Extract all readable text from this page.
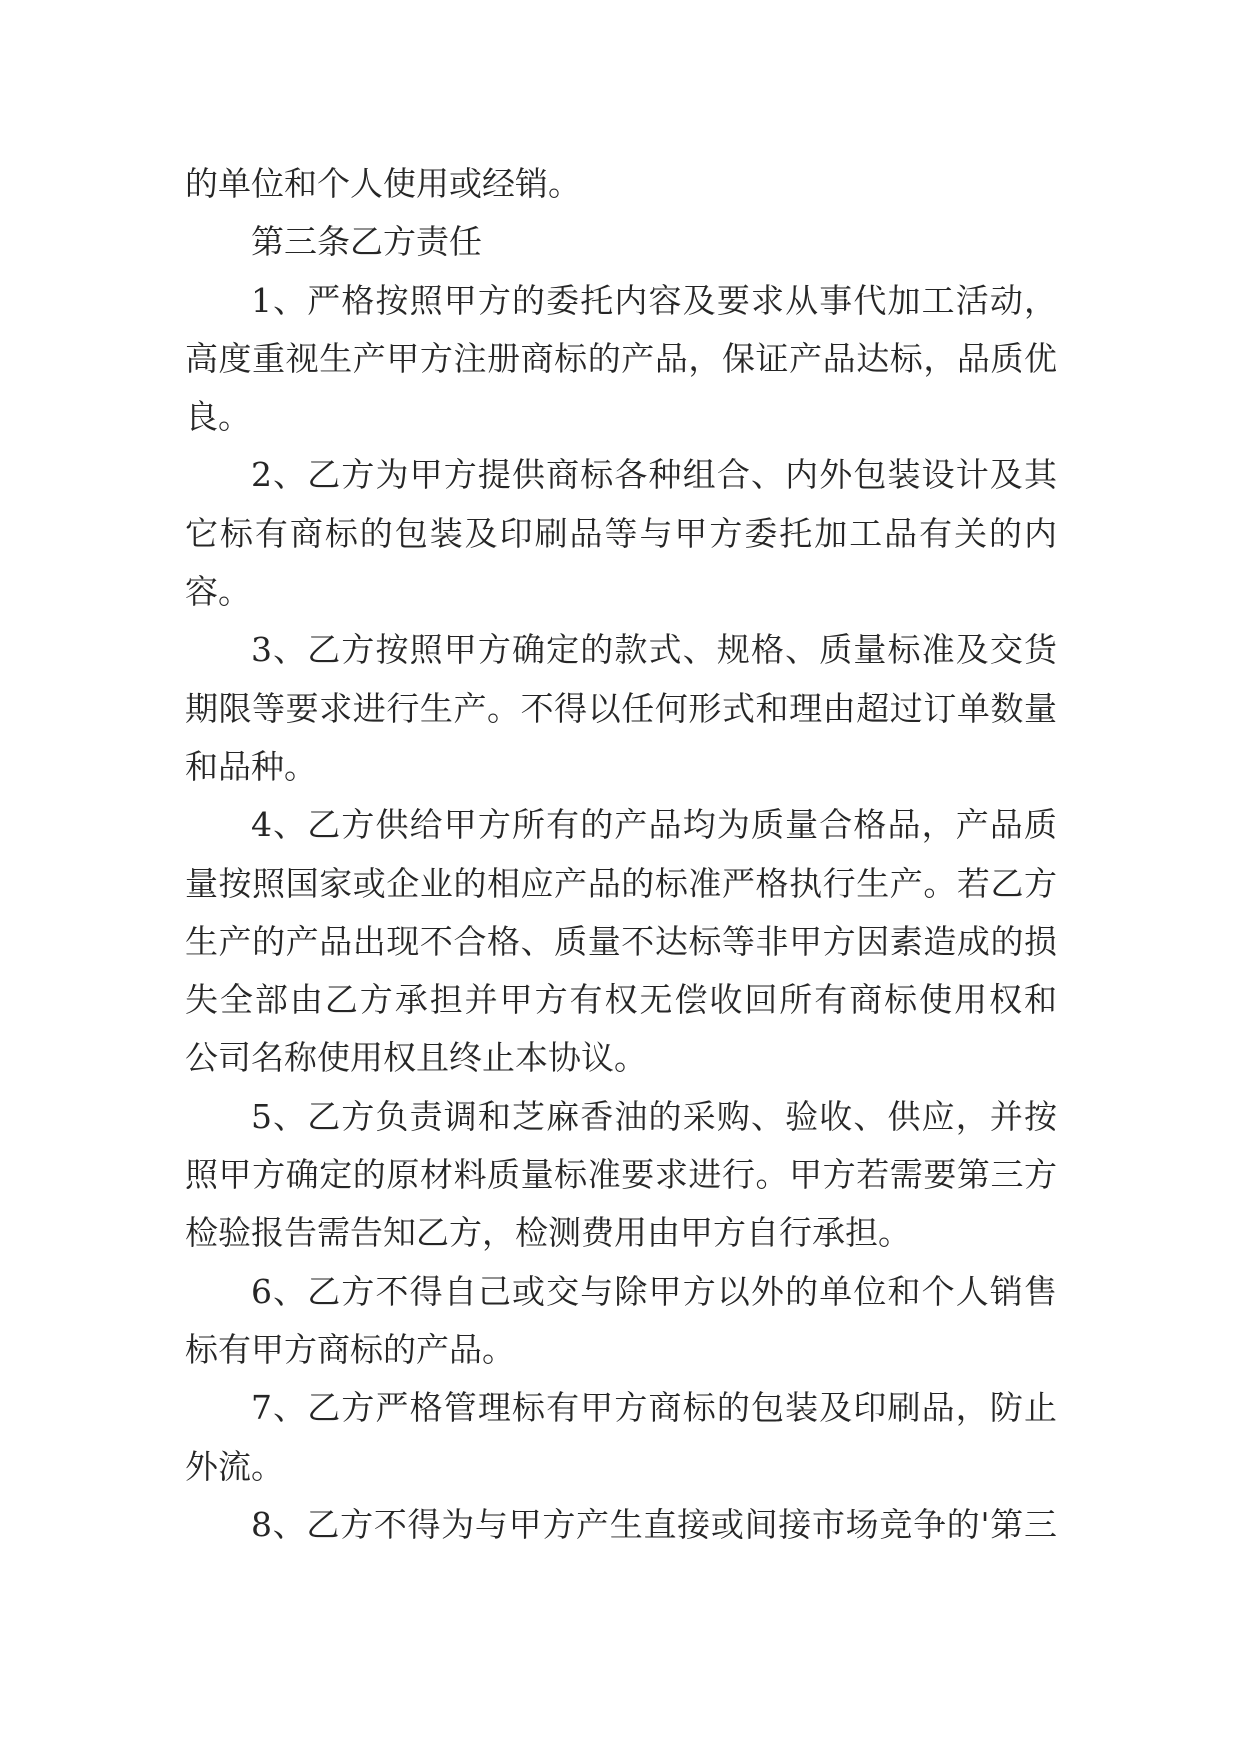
的单位和个人使用或经销。
第三条乙方责任
1、严格按照甲方的委托内容及要求从事代加工活动，
高度重视生产甲方注册商标的产品，保证产品达标，品质优
良。
2、乙方为甲方提供商标各种组合、内外包装设计及其
它标有商标的包装及印刷品等与甲方委托加工品有关的内
容。
3、乙方按照甲方确定的款式、规格、质量标准及交货
期限等要求进行生产。不得以任何形式和理由超过订单数量
和品种。
4、乙方供给甲方所有的产品均为质量合格品，产品质
量按照国家或企业的相应产品的标准严格执行生产。若乙方
生产的产品出现不合格、质量不达标等非甲方因素造成的损
失全部由乙方承担并甲方有权无偿收回所有商标使用权和
公司名称使用权且终止本协议。
5、乙方负责调和芝麻香油的采购、验收、供应，并按
照甲方确定的原材料质量标准要求进行。甲方若需要第三方
检验报告需告知乙方，检测费用由甲方自行承担。
6、乙方不得自己或交与除甲方以外的单位和个人销售
标有甲方商标的产品。
7、乙方严格管理标有甲方商标的包装及印刷品，防止
外流。
8、乙方不得为与甲方产生直接或间接市场竞争的'第三
